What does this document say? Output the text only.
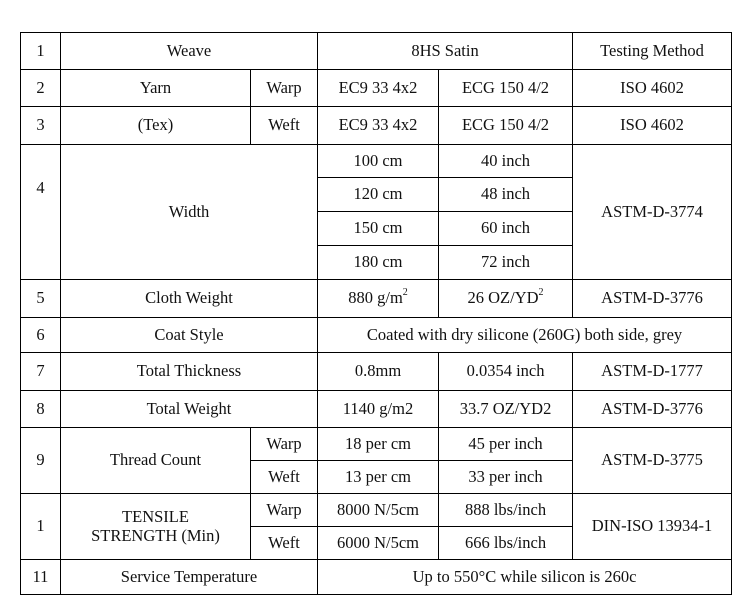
1	Weave		8HS Satin		Testing Method
2	Yarn	Warp	EC9 33 4x2	ECG 150 4/2	ISO 4602
3	(Tex)	Weft	EC9 33 4x2	ECG 150 4/2	ISO 4602
4	Width		100 cm	40 inch	ASTM-D-3774
			120 cm	48 inch	
			150 cm	60 inch	
			180 cm	72 inch	
5	Cloth Weight		880 $g/m^2$	26 $OZ/YD^2$	ASTM-D-3776
6	Coat Style		Coated with dry silicone (260G) both side, grey		
7	Total Thickness		0.8mm	0.0354 inch	ASTM-D-1777
8	Total Weight		1140 g/m2	33.7 OZ/YD2	ASTM-D-3776
9	Thread Count	Warp	18 per cm	45 per inch	ASTM-D-3775
		Weft	13 per cm	33 per inch	
1	TENSILE
STRENGTH (Min)	Warp	8000 N/5cm	888 lbs/inch	DIN-ISO 13934-1
		Weft	6000 N/5cm	666 lbs/inch	
11	Service Temperature		Up to 550°C while silicon is 260c		
